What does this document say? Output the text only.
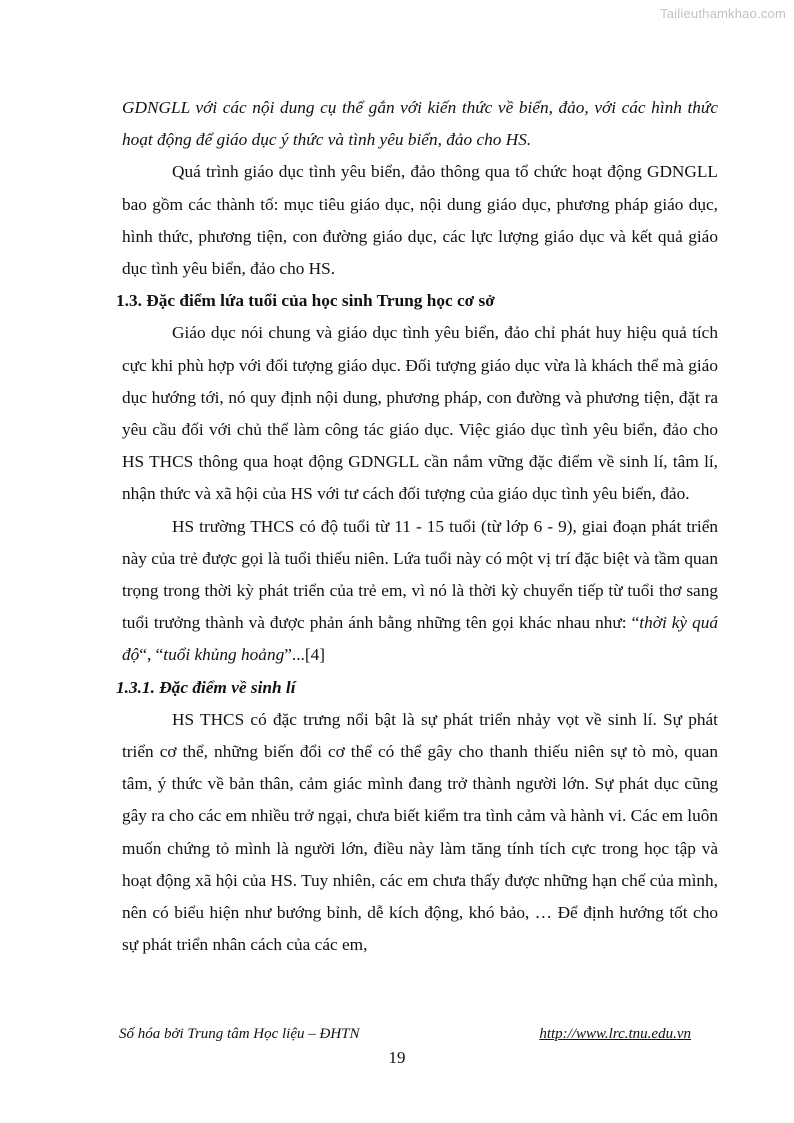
Tailieuthamkhao.com

GDNGLL với các nội dung cụ thể gắn với kiến thức về biển, đảo, với các hình thức hoạt động để giáo dục ý thức và tình yêu biển, đảo cho HS.

Quá trình giáo dục tình yêu biển, đảo thông qua tổ chức hoạt động GDNGLL bao gồm các thành tố: mục tiêu giáo dục, nội dung giáo dục, phương pháp giáo dục, hình thức, phương tiện, con đường giáo dục, các lực lượng giáo dục và kết quả giáo dục tình yêu biển, đảo cho HS.

1.3. Đặc điểm lứa tuổi của học sinh Trung học cơ sở

Giáo dục nói chung và giáo dục tình yêu biển, đảo chỉ phát huy hiệu quả tích cực khi phù hợp với đối tượng giáo dục. Đối tượng giáo dục vừa là khách thể mà giáo dục hướng tới, nó quy định nội dung, phương pháp, con đường và phương tiện, đặt ra yêu cầu đối với chủ thể làm công tác giáo dục. Việc giáo dục tình yêu biển, đảo cho HS THCS thông qua hoạt động GDNGLL cần nắm vững đặc điểm về sinh lí, tâm lí, nhận thức và xã hội của HS với tư cách đối tượng của giáo dục tình yêu biển, đảo.

HS trường THCS có độ tuổi từ 11 - 15 tuổi (từ lớp 6 - 9), giai đoạn phát triển này của trẻ được gọi là tuổi thiếu niên. Lứa tuổi này có một vị trí đặc biệt và tầm quan trọng trong thời kỳ phát triển của trẻ em, vì nó là thời kỳ chuyển tiếp từ tuổi thơ sang tuổi trưởng thành và được phản ánh bằng những tên gọi khác nhau như: “thời kỳ quá độ“, “tuổi khủng hoảng”...[4]

1.3.1. Đặc điểm về sinh lí

HS THCS có đặc trưng nổi bật là sự phát triển nhảy vọt về sinh lí. Sự phát triển cơ thể, những biến đổi cơ thể có thể gây cho thanh thiếu niên sự tò mò, quan tâm, ý thức về bản thân, cảm giác mình đang trở thành người lớn. Sự phát dục cũng gây ra cho các em nhiều trở ngại, chưa biết kiểm tra tình cảm và hành vi. Các em luôn muốn chứng tỏ mình là người lớn, điều này làm tăng tính tích cực trong học tập và hoạt động xã hội của HS. Tuy nhiên, các em chưa thấy được những hạn chế của mình, nên có biểu hiện như bướng bỉnh, dễ kích động, khó bảo, … Để định hướng tốt cho sự phát triển nhân cách của các em,

Số hóa bởi Trung tâm Học liệu – ĐHTN	http://www.lrc.tnu.edu.vn
19
